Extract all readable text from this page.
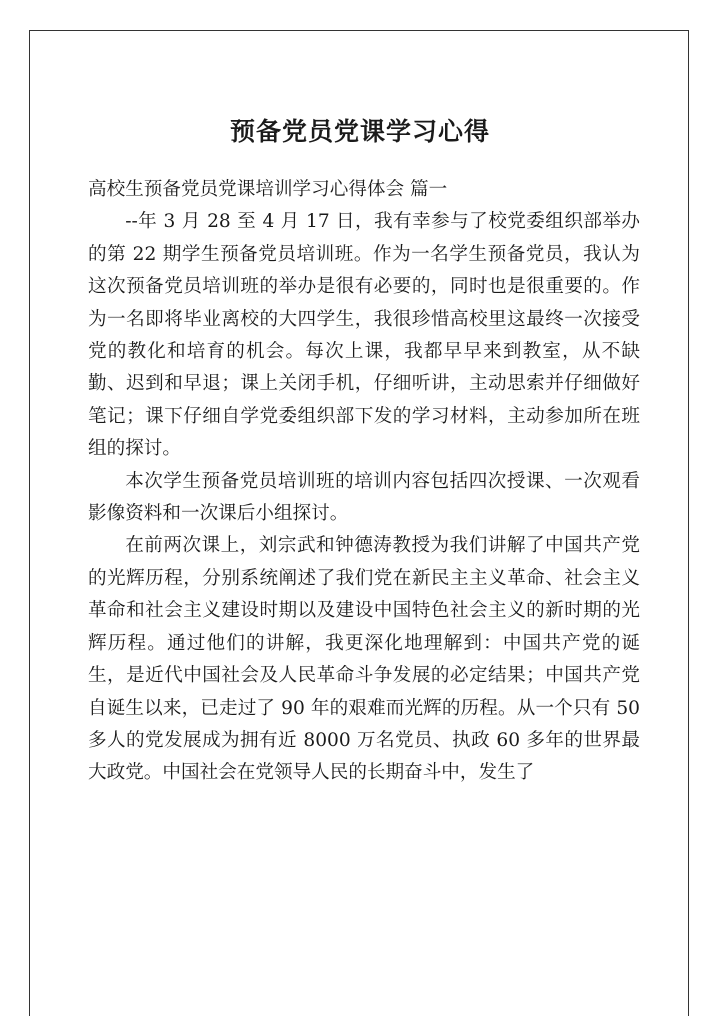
预备党员党课学习心得

高校生预备党员党课培训学习心得体会 篇一

--年 3 月 28 至 4 月 17 日，我有幸参与了校党委组织部举办的第 22 期学生预备党员培训班。作为一名学生预备党员，我认为这次预备党员培训班的举办是很有必要的，同时也是很重要的。作为一名即将毕业离校的大四学生，我很珍惜高校里这最终一次接受党的教化和培育的机会。每次上课，我都早早来到教室，从不缺勤、迟到和早退；课上关闭手机，仔细听讲，主动思索并仔细做好笔记；课下仔细自学党委组织部下发的学习材料，主动参加所在班组的探讨。

本次学生预备党员培训班的培训内容包括四次授课、一次观看影像资料和一次课后小组探讨。

在前两次课上，刘宗武和钟德涛教授为我们讲解了中国共产党的光辉历程，分别系统阐述了我们党在新民主主义革命、社会主义革命和社会主义建设时期以及建设中国特色社会主义的新时期的光辉历程。通过他们的讲解，我更深化地理解到：中国共产党的诞生，是近代中国社会及人民革命斗争发展的必定结果；中国共产党自诞生以来，已走过了 90 年的艰难而光辉的历程。从一个只有 50 多人的党发展成为拥有近 8000 万名党员、执政 60 多年的世界最大政党。中国社会在党领导人民的长期奋斗中，发生了
